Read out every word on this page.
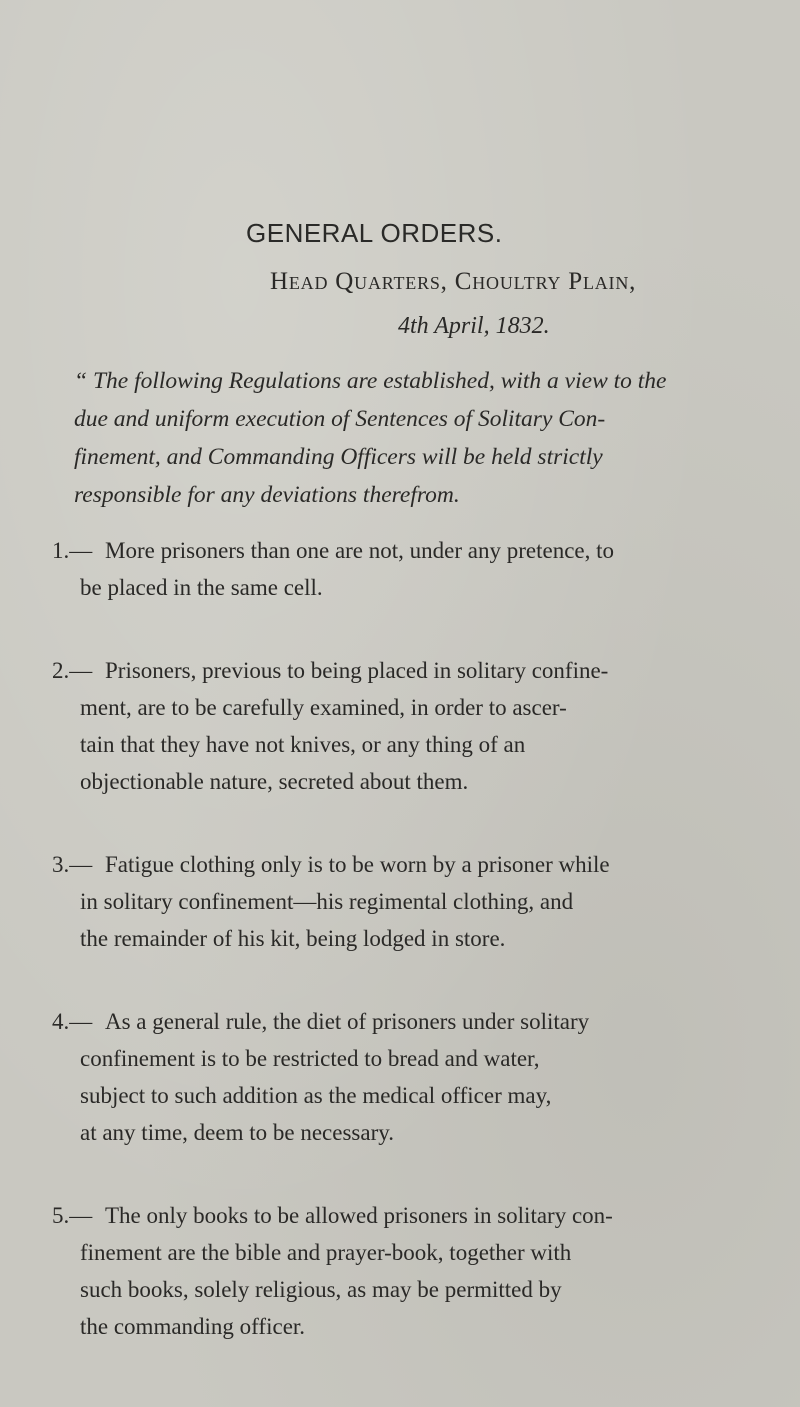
GENERAL ORDERS.
Head Quarters, Choultry Plain,
4th April, 1832.
“ The following Regulations are established, with a view to the
due and uniform execution of Sentences of Solitary Con-
finement, and Commanding Officers will be held strictly
responsible for any deviations therefrom.
1.— More prisoners than one are not, under any pretence, to
be placed in the same cell.
2.— Prisoners, previous to being placed in solitary confine-
ment, are to be carefully examined, in order to ascer-
tain that they have not knives, or any thing of an
objectionable nature, secreted about them.
3.— Fatigue clothing only is to be worn by a prisoner while
in solitary confinement—his regimental clothing, and
the remainder of his kit, being lodged in store.
4.— As a general rule, the diet of prisoners under solitary
confinement is to be restricted to bread and water,
subject to such addition as the medical officer may,
at any time, deem to be necessary.
5.— The only books to be allowed prisoners in solitary con-
finement are the bible and prayer-book, together with
such books, solely religious, as may be permitted by
the commanding officer.
